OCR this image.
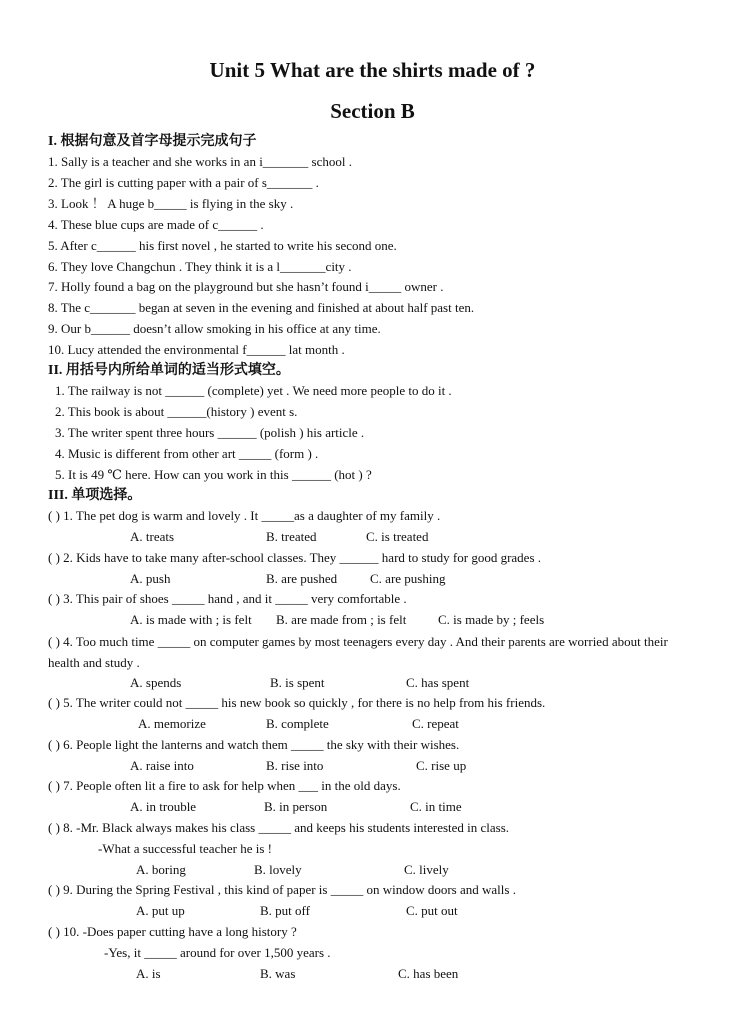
Unit 5 What are the shirts made of ?
Section B
I. 根据句意及首字母提示完成句子
1. Sally is a teacher and she works in an i_______ school .
2. The girl is cutting paper with a pair of s_______ .
3. Look ！ A huge b_____ is flying in the sky .
4. These blue cups are made of c______ .
5. After c______ his first novel , he started to write his second one.
6. They love Changchun . They think it is a l_______city .
7. Holly found a bag on the playground but she hasn’t found i_____ owner .
8. The c_______ began at seven in the evening and finished at about half past ten.
9. Our b______ doesn’t allow smoking in his office at any time.
10. Lucy attended the environmental f______ lat month .
II. 用括号内所给单词的适当形式填空。
1. The railway is not ______ (complete) yet . We need more people to do it .
2. This book is about ______(history ) event s.
3. The writer spent three hours ______ (polish ) his article .
4. Music is different from other art _____ (form ) .
5. It is 49 ℃ here. How can you work in this ______ (hot ) ?
III. 单项选择。
( ) 1. The pet dog is warm and lovely . It _____as a daughter of my family .
A. treats	B. treated	C. is treated
( ) 2. Kids have to take many after-school classes. They ______ hard to study for good grades .
A. push	B. are pushed	C. are pushing
( ) 3. This pair of shoes _____ hand , and it _____ very comfortable .
A. is made with ; is felt B. are made from ; is felt C. is made by ; feels
( ) 4. Too much time _____ on computer games by most teenagers every day . And their parents are worried about their health and study .
A. spends	B. is spent	C. has spent
( ) 5. The writer could not _____ his new book so quickly , for there is no help from his friends.
A. memorize	B. complete	C. repeat
( ) 6. People light the lanterns and watch them _____ the sky with their wishes.
A. raise into	B. rise into	C. rise up
( ) 7. People often lit a fire to ask for help when ___ in the old days.
A. in trouble	B. in person	C. in time
( ) 8. -Mr. Black always makes his class _____ and keeps his students interested in class.
-What a successful teacher he is !
A. boring	B. lovely	C. lively
( ) 9. During the Spring Festival , this kind of paper is _____ on window doors and walls .
A. put up	B. put off	C. put out
( ) 10. -Does paper cutting have a long history ?
-Yes, it _____ around for over 1,500 years .
A. is	B. was	C. has been
